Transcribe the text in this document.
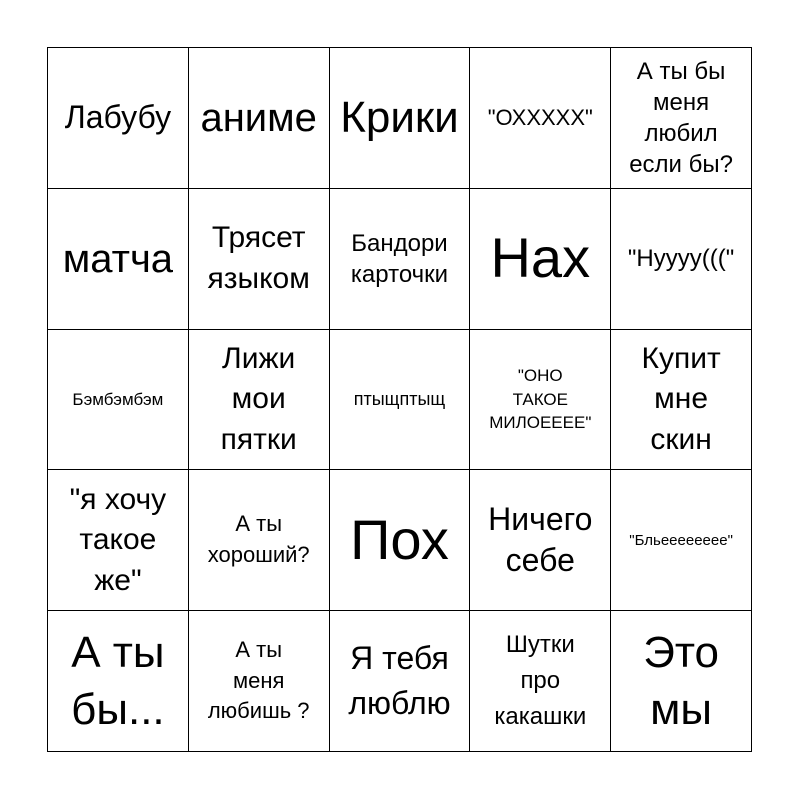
Лабубу аниме Крики "ОХХХХХ"
А ты бы
меня
любил
если бы?
матча Трясет
языком
Бандори
карточки Нах "Нуууу((("
Бэмбэмбэм
Лижи
мои
пятки
птыщптыщ
"ОНО
ТАКОЕ
МИЛОЕЕЕЕ"
Купит
мне
скин
"я хочу
такое
же"
А ты
хороший? Пох Ничего
себе
"Бльееееееее"
А ты
бы...
А ты
меня
любишь ?
Я тебя
люблю
Шутки
про
какашки
Это
мы
